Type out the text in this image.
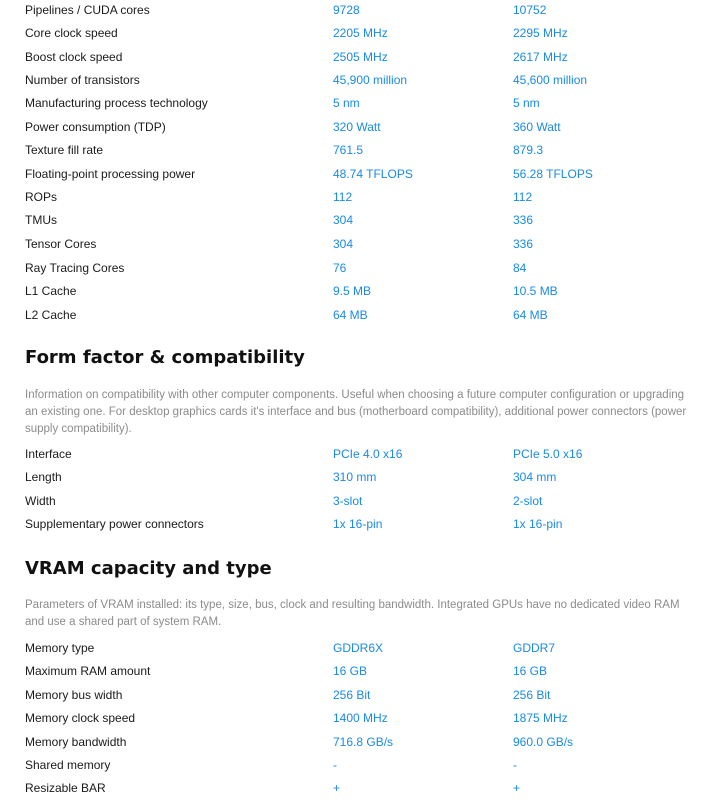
Pipelines / CUDA cores	9728	10752
Core clock speed	2205 MHz	2295 MHz
Boost clock speed	2505 MHz	2617 MHz
Number of transistors	45,900 million	45,600 million
Manufacturing process technology	5 nm	5 nm
Power consumption (TDP)	320 Watt	360 Watt
Texture fill rate	761.5	879.3
Floating-point processing power	48.74 TFLOPS	56.28 TFLOPS
ROPs	112	112
TMUs	304	336
Tensor Cores	304	336
Ray Tracing Cores	76	84
L1 Cache	9.5 MB	10.5 MB
L2 Cache	64 MB	64 MB
Form factor & compatibility

Information on compatibility with other computer components. Useful when choosing a future computer configuration or upgrading an existing one. For desktop graphics cards it's interface and bus (motherboard compatibility), additional power connectors (power supply compatibility).

Interface	PCIe 4.0 x16	PCIe 5.0 x16
Length	310 mm	304 mm
Width	3-slot	2-slot
Supplementary power connectors	1x 16-pin	1x 16-pin
VRAM capacity and type

Parameters of VRAM installed: its type, size, bus, clock and resulting bandwidth. Integrated GPUs have no dedicated video RAM and use a shared part of system RAM.

Memory type	GDDR6X	GDDR7
Maximum RAM amount	16 GB	16 GB
Memory bus width	256 Bit	256 Bit
Memory clock speed	1400 MHz	1875 MHz
Memory bandwidth	716.8 GB/s	960.0 GB/s
Shared memory	-	-
Resizable BAR	+	+
